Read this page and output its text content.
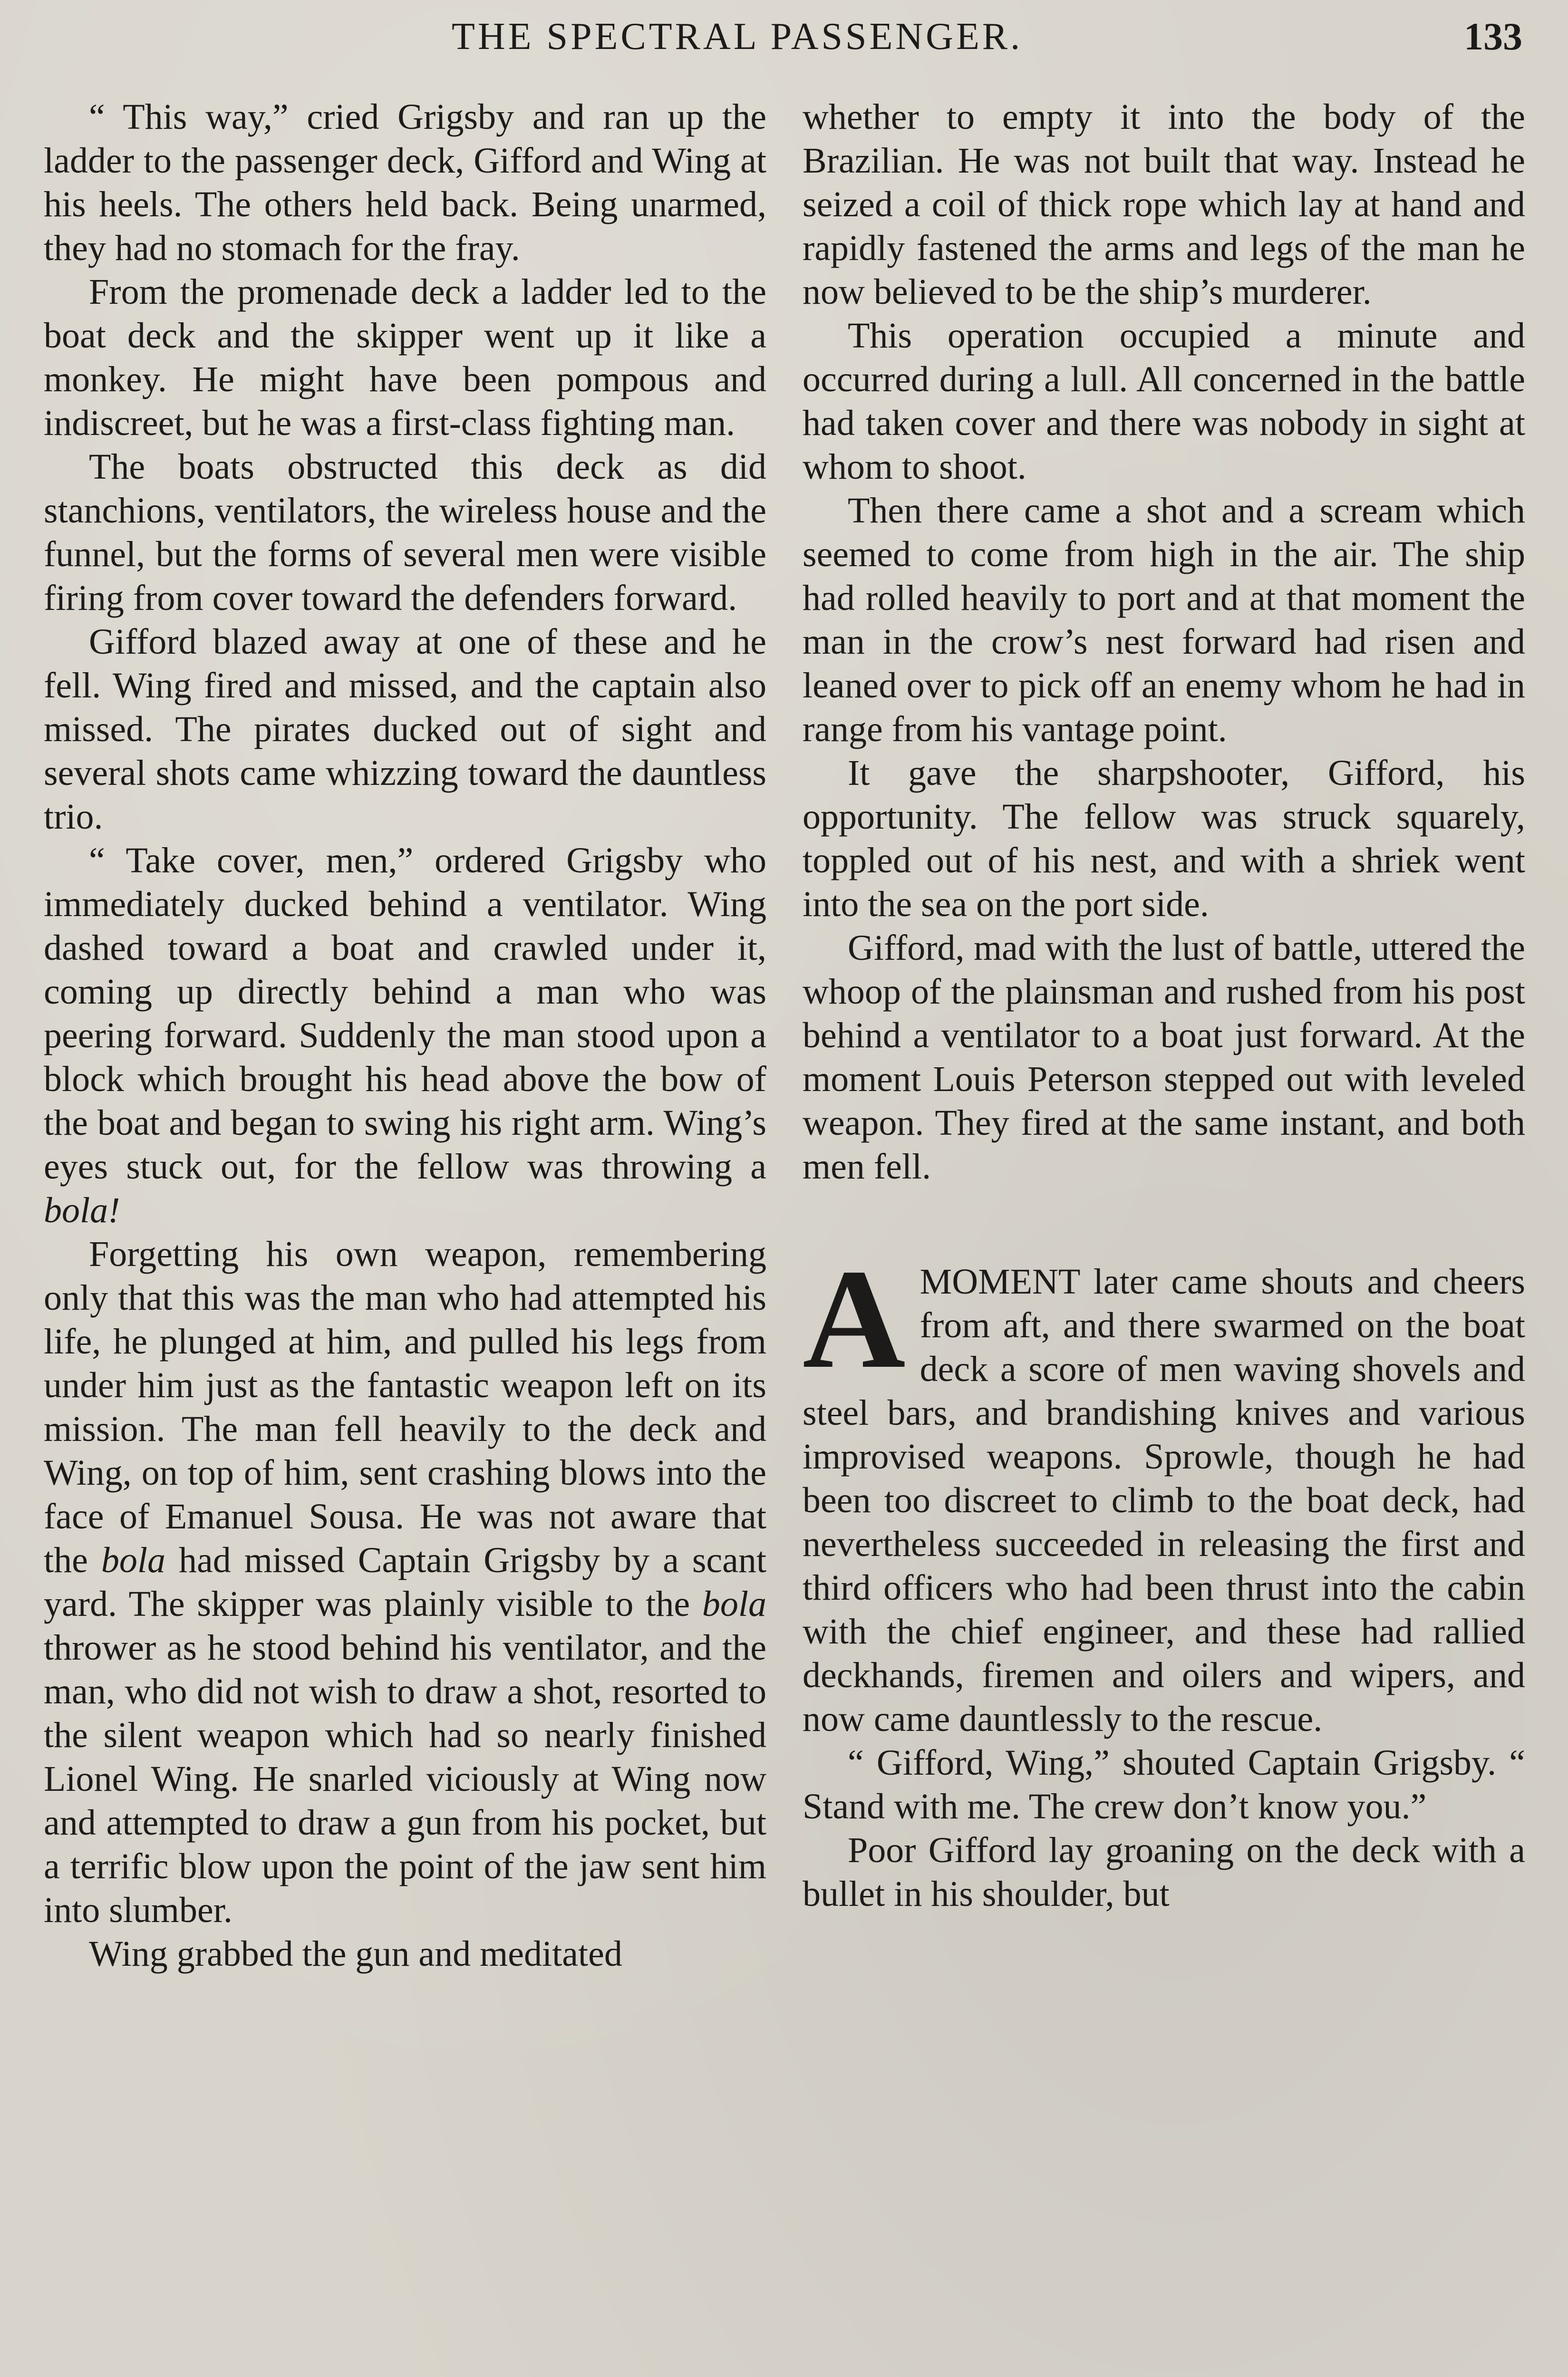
THE SPECTRAL PASSENGER.	133

“ This way,” cried Grigsby and ran up the ladder to the passenger deck, Gifford and Wing at his heels. The others held back. Being unarmed, they had no stomach for the fray.

From the promenade deck a ladder led to the boat deck and the skipper went up it like a monkey. He might have been pompous and indiscreet, but he was a first-class fighting man.

The boats obstructed this deck as did stanchions, ventilators, the wireless house and the funnel, but the forms of several men were visible firing from cover toward the defenders forward.

Gifford blazed away at one of these and he fell. Wing fired and missed, and the captain also missed. The pirates ducked out of sight and several shots came whizzing toward the dauntless trio.

“ Take cover, men,” ordered Grigsby who immediately ducked behind a ventilator. Wing dashed toward a boat and crawled under it, coming up directly behind a man who was peering forward. Suddenly the man stood upon a block which brought his head above the bow of the boat and began to swing his right arm. Wing’s eyes stuck out, for the fellow was throwing a bola!

Forgetting his own weapon, remembering only that this was the man who had attempted his life, he plunged at him, and pulled his legs from under him just as the fantastic weapon left on its mission. The man fell heavily to the deck and Wing, on top of him, sent crashing blows into the face of Emanuel Sousa. He was not aware that the bola had missed Captain Grigsby by a scant yard. The skipper was plainly visible to the bola thrower as he stood behind his ventilator, and the man, who did not wish to draw a shot, resorted to the silent weapon which had so nearly finished Lionel Wing. He snarled viciously at Wing now and attempted to draw a gun from his pocket, but a terrific blow upon the point of the jaw sent him into slumber.

Wing grabbed the gun and meditated

whether to empty it into the body of the Brazilian. He was not built that way. Instead he seized a coil of thick rope which lay at hand and rapidly fastened the arms and legs of the man he now believed to be the ship’s murderer.

This operation occupied a minute and occurred during a lull. All concerned in the battle had taken cover and there was nobody in sight at whom to shoot.

Then there came a shot and a scream which seemed to come from high in the air. The ship had rolled heavily to port and at that moment the man in the crow’s nest forward had risen and leaned over to pick off an enemy whom he had in range from his vantage point.

It gave the sharpshooter, Gifford, his opportunity. The fellow was struck squarely, toppled out of his nest, and with a shriek went into the sea on the port side.

Gifford, mad with the lust of battle, uttered the whoop of the plainsman and rushed from his post behind a ventilator to a boat just forward. At the moment Louis Peterson stepped out with leveled weapon. They fired at the same instant, and both men fell.

AMOMENT later came shouts and cheers from aft, and there swarmed on the boat deck a score of men waving shovels and steel bars, and brandishing knives and various improvised weapons. Sprowle, though he had been too discreet to climb to the boat deck, had nevertheless succeeded in releasing the first and third officers who had been thrust into the cabin with the chief engineer, and these had rallied deckhands, firemen and oilers and wipers, and now came dauntlessly to the rescue.

“ Gifford, Wing,” shouted Captain Grigsby. “ Stand with me. The crew don’t know you.”

Poor Gifford lay groaning on the deck with a bullet in his shoulder, but
